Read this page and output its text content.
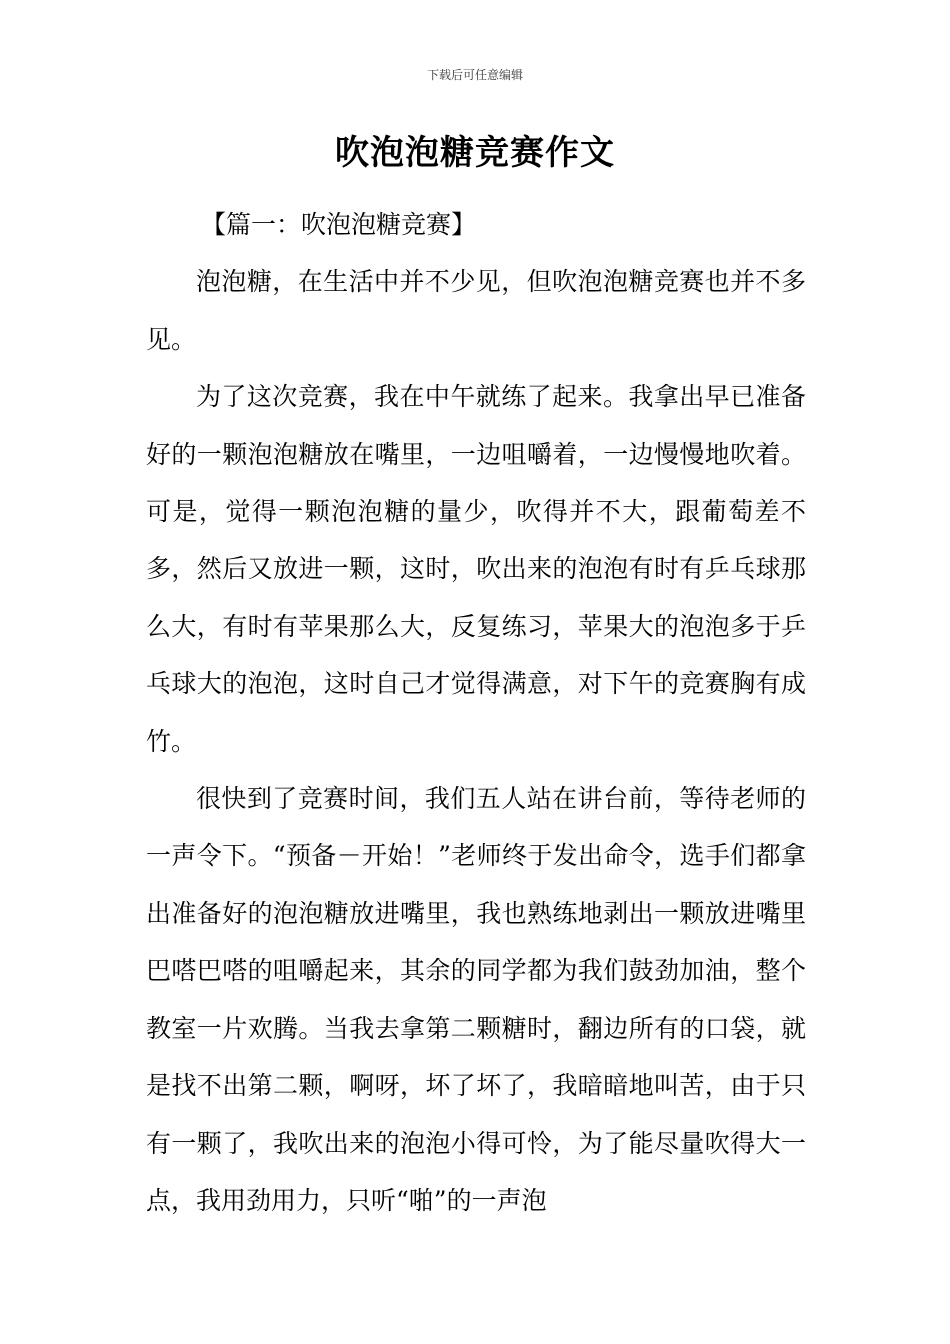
下载后可任意编辑
吹泡泡糖竞赛作文

【篇一：吹泡泡糖竞赛】

泡泡糖，在生活中并不少见，但吹泡泡糖竞赛也并不多见。

为了这次竞赛，我在中午就练了起来。我拿出早已准备好的一颗泡泡糖放在嘴里，一边咀嚼着，一边慢慢地吹着。可是，觉得一颗泡泡糖的量少，吹得并不大，跟葡萄差不多，然后又放进一颗，这时，吹出来的泡泡有时有乒乓球那么大，有时有苹果那么大，反复练习，苹果大的泡泡多于乒乓球大的泡泡，这时自己才觉得满意，对下午的竞赛胸有成竹。

很快到了竞赛时间，我们五人站在讲台前，等待老师的一声令下。“预备－开始！”老师终于发出命令，选手们都拿出准备好的泡泡糖放进嘴里，我也熟练地剥出一颗放进嘴里巴嗒巴嗒的咀嚼起来，其余的同学都为我们鼓劲加油，整个教室一片欢腾。当我去拿第二颗糖时，翻边所有的口袋，就是找不出第二颗，啊呀，坏了坏了，我暗暗地叫苦，由于只有一颗了，我吹出来的泡泡小得可怜，为了能尽量吹得大一点，我用劲用力，只听“啪”的一声泡
